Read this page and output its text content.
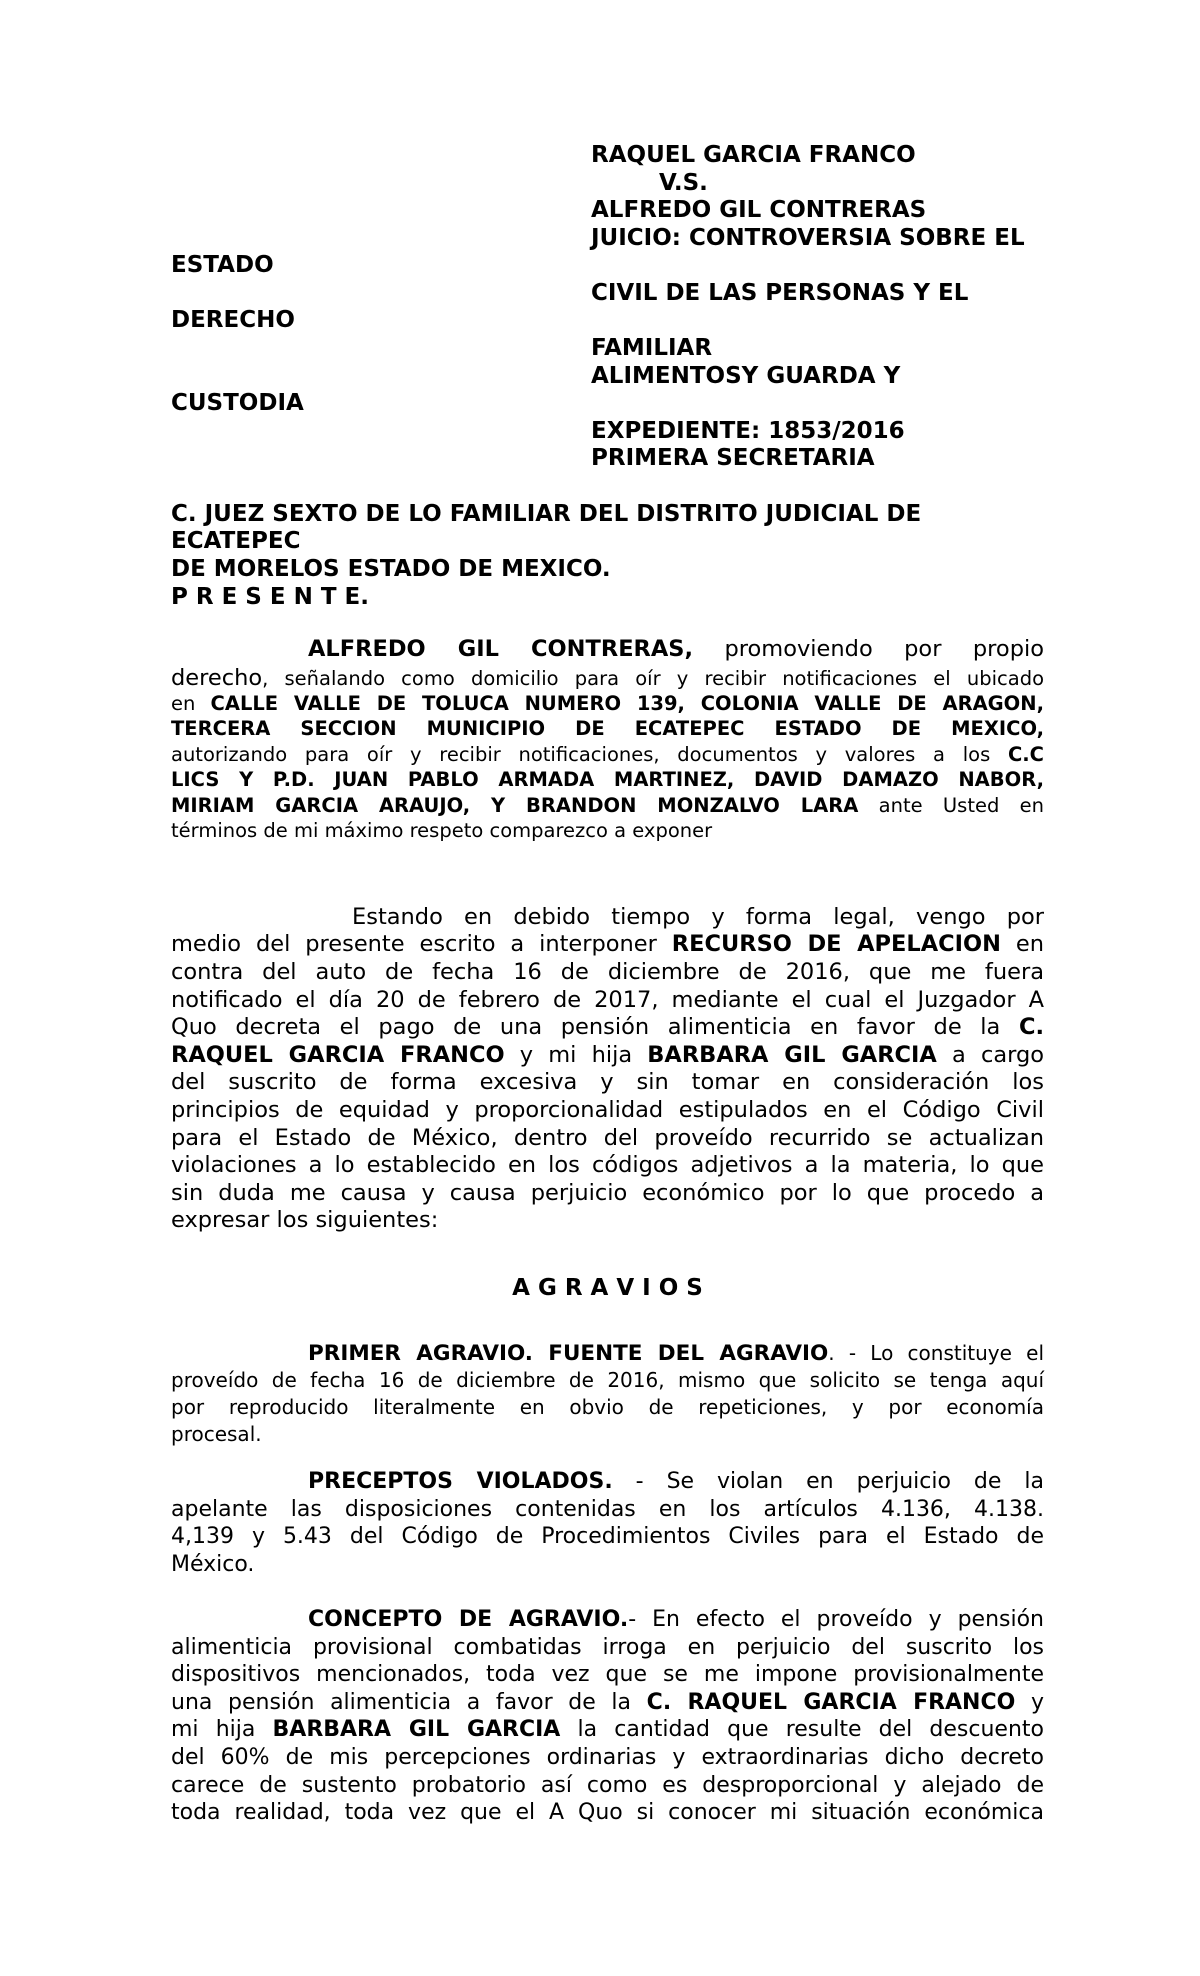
RAQUEL GARCIA FRANCO
V.S.
ALFREDO GIL CONTRERAS
JUICIO: CONTROVERSIA SOBRE EL
ESTADO
CIVIL DE LAS PERSONAS Y EL
DERECHO
FAMILIAR
ALIMENTOSY GUARDA Y
CUSTODIA
EXPEDIENTE: 1853/2016
PRIMERA SECRETARIA
C. JUEZ SEXTO DE LO FAMILIAR DEL DISTRITO JUDICIAL DE
ECATEPEC
DE MORELOS ESTADO DE MEXICO.
P R E S E N T E.
ALFREDO GIL CONTRERAS, promoviendo por propio
derecho, señalando como domicilio para oír y recibir notificaciones el ubicado
en CALLE VALLE DE TOLUCA NUMERO 139, COLONIA VALLE DE ARAGON,
TERCERA SECCION MUNICIPIO DE ECATEPEC ESTADO DE MEXICO,
autorizando para oír y recibir notificaciones, documentos y valores a los C.C
LICS Y P.D. JUAN PABLO ARMADA MARTINEZ, DAVID DAMAZO NABOR,
MIRIAM GARCIA ARAUJO, Y BRANDON MONZALVO LARA ante Usted en
términos de mi máximo respeto comparezco a exponer
Estando en debido tiempo y forma legal, vengo por
medio del presente escrito a interponer RECURSO DE APELACION en
contra del auto de fecha 16 de diciembre de 2016, que me fuera
notificado el día 20 de febrero de 2017, mediante el cual el Juzgador A
Quo decreta el pago de una pensión alimenticia en favor de la C.
RAQUEL GARCIA FRANCO y mi hija BARBARA GIL GARCIA a cargo
del suscrito de forma excesiva y sin tomar en consideración los
principios de equidad y proporcionalidad estipulados en el Código Civil
para el Estado de México, dentro del proveído recurrido se actualizan
violaciones a lo establecido en los códigos adjetivos a la materia, lo que
sin duda me causa y causa perjuicio económico por lo que procedo a
expresar los siguientes:
A G R A V I O S
PRIMER AGRAVIO. FUENTE DEL AGRAVIO. - Lo constituye el
proveído de fecha 16 de diciembre de 2016, mismo que solicito se tenga aquí
por reproducido literalmente en obvio de repeticiones, y por economía
procesal.
PRECEPTOS VIOLADOS. - Se violan en perjuicio de la
apelante las disposiciones contenidas en los artículos 4.136, 4.138.
4,139 y 5.43 del Código de Procedimientos Civiles para el Estado de
México.
CONCEPTO DE AGRAVIO.- En efecto el proveído y pensión
alimenticia provisional combatidas irroga en perjuicio del suscrito los
dispositivos mencionados, toda vez que se me impone provisionalmente
una pensión alimenticia a favor de la C. RAQUEL GARCIA FRANCO y
mi hija BARBARA GIL GARCIA la cantidad que resulte del descuento
del 60% de mis percepciones ordinarias y extraordinarias dicho decreto
carece de sustento probatorio así como es desproporcional y alejado de
toda realidad, toda vez que el A Quo si conocer mi situación económica
